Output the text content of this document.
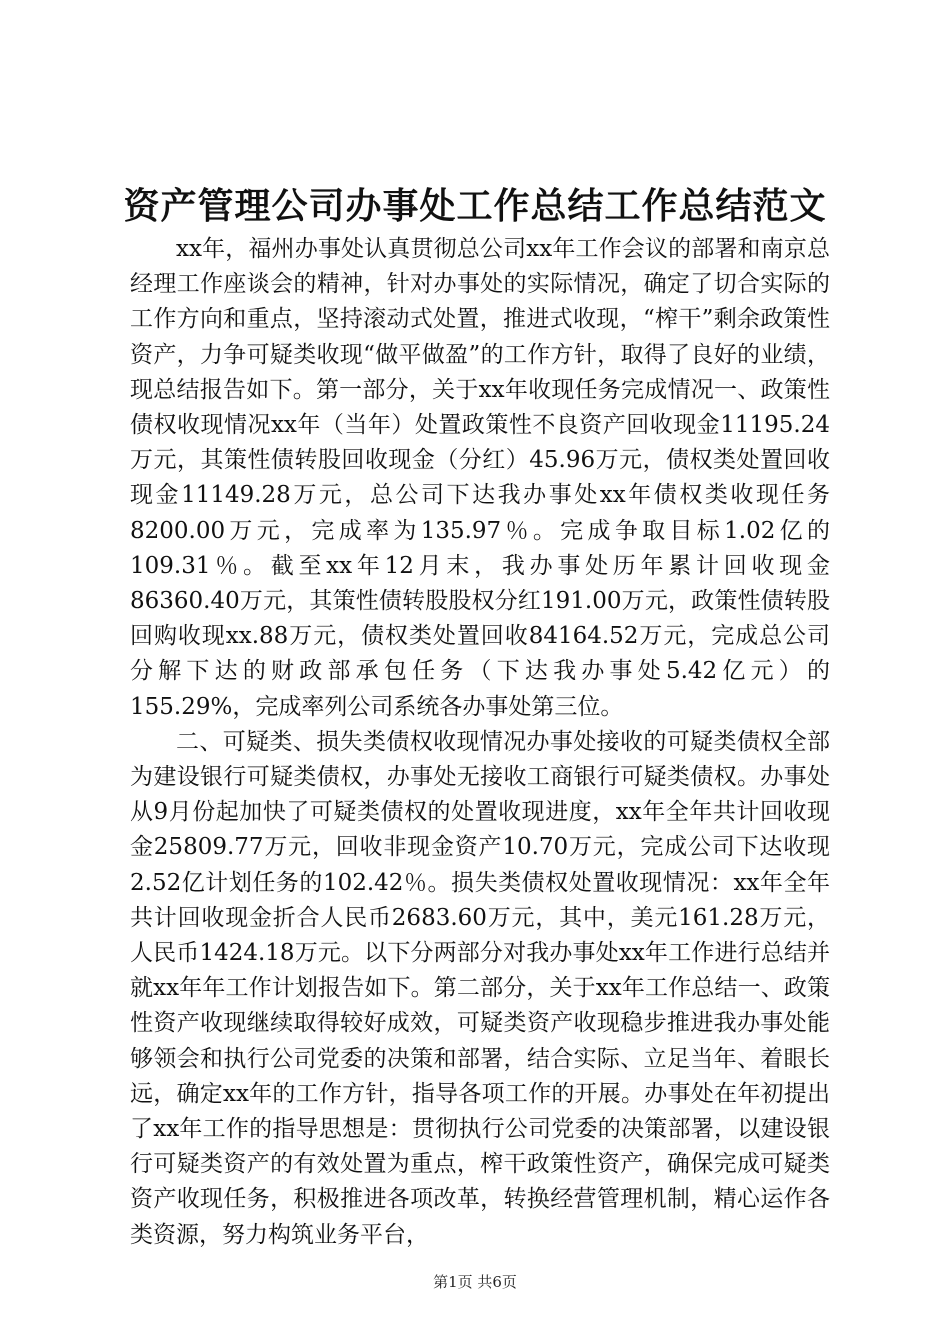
资产管理公司办事处工作总结工作总结范文

xx年，福州办事处认真贯彻总公司xx年工作会议的部署和南京总经理工作座谈会的精神，针对办事处的实际情况，确定了切合实际的工作方向和重点，坚持滚动式处置，推进式收现，“榨干”剩余政策性资产，力争可疑类收现“做平做盈”的工作方针，取得了良好的业绩，现总结报告如下。第一部分，关于xx年收现任务完成情况一、政策性债权收现情况xx年（当年）处置政策性不良资产回收现金11195.24万元，其策性债转股回收现金（分红）45.96万元，债权类处置回收现金11149.28万元，总公司下达我办事处xx年债权类收现任务8200.00万元，完成率为135.97％。完成争取目标1.02亿的109.31％。截至xx年12月末，我办事处历年累计回收现金86360.40万元，其策性债转股股权分红191.00万元，政策性债转股回购收现xx.88万元，债权类处置回收84164.52万元，完成总公司分解下达的财政部承包任务（下达我办事处5.42亿元）的155.29%，完成率列公司系统各办事处第三位。

二、可疑类、损失类债权收现情况办事处接收的可疑类债权全部为建设银行可疑类债权，办事处无接收工商银行可疑类债权。办事处从9月份起加快了可疑类债权的处置收现进度，xx年全年共计回收现金25809.77万元，回收非现金资产10.70万元，完成公司下达收现2.52亿计划任务的102.42％。损失类债权处置收现情况：xx年全年共计回收现金折合人民币2683.60万元，其中，美元161.28万元，人民币1424.18万元。以下分两部分对我办事处xx年工作进行总结并就xx年年工作计划报告如下。第二部分，关于xx年工作总结一、政策性资产收现继续取得较好成效，可疑类资产收现稳步推进我办事处能够领会和执行公司党委的决策和部署，结合实际、立足当年、着眼长远，确定xx年的工作方针，指导各项工作的开展。办事处在年初提出了xx年工作的指导思想是：贯彻执行公司党委的决策部署，以建设银行可疑类资产的有效处置为重点，榨干政策性资产，确保完成可疑类资产收现任务，积极推进各项改革，转换经营管理机制，精心运作各类资源，努力构筑业务平台，

第1页 共6页
